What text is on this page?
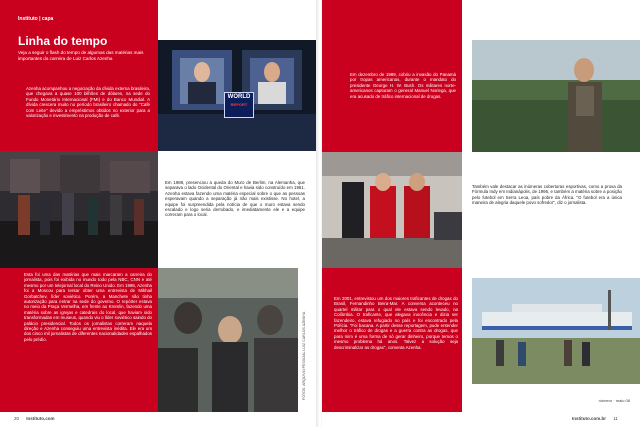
Instituto | capa
Linha do tempo
Veja a seguir o flash do tempo de algumas das matérias mais importantes da carreira de Luiz Carlos Azenha
Azenha acompanhou a negociação da dívida externa brasileira, que chegava a quase 100 bilhões de dólares, na sede do Fundo Monetário Internacional (FMI) e do Banco Mundial. A dívida crescera muito no período brasileiro chamado do "Café com Leite" devido a empréstimos obtidos no exterior para a valorização e investimento na produção de café.
WORLD
REPORT
Em 1989, presenciou a queda do Muro de Berlim, na Alemanha, que separava o lado Ocidental do Oriental e havia sido construído em 1961. Azenha estava fazendo uma matéria especial sobre o que as pessoas esperavam quando a separação já não mais existisse. No hotel, a equipe foi surpreendida pela notícia de que o muro estava sendo escalado e logo seria derrubado, e imediatamente ele e a equipe correram para o local.
Esta foi uma das matérias que mais marcaram a carreira do jornalista, pois foi exibida no mundo todo pela NBC, CNN e até mesmo por um telejornal local do Reino Unido. Em 1986, Azenha foi a Moscou para tentar obter uma entrevista de Mikhail Gorbatchev, líder soviético. Porém, a Manchete não tinha autorização para entrar na sede do governo. O repórter estava no meio da Praça Vermelha, em frente ao Kremlin, fazendo uma matéria sobre as igrejas e catedrais do local, que haviam sido transformadas em museus, quando viu o líder soviético saindo do palácio presidencial. Todos os jornalistas correram naquela direção e Azenha conseguiu uma entrevista inédita. Ele era um dos cinco mil jornalistas de diferentes nacionalidades espalhados pelo prédio.	FOTOS: ARQUIVO PESSOAL LUIZ CARLOS AZENHA
20 Instituto.com
Em dezembro de 1989, cobriu a invasão do Panamá por tropas americanas, durante o mandato do presidente George H. W. Bush. Os militares norte-americanos capturam o general Manuel Noriega, que era acusado de tráfico internacional de drogas.
Também vale destacar as inúmeras coberturas esportivas, como a prova da Fórmula Indy em Indianápolis, de 1995, e também a matéria sobre a posição pelo futebol em Serra Leoa, país pobre da África. "O futebol era a única maneira de alegria daquele povo sofredor", diz o jornalista.
Em 2001, entrevistou um dos maiores traficantes de drogas do Brasil, Fernandinho Beira-Mar. A conversa aconteceu no quartel militar para o qual ele estava sendo levado, na Colômbia. O traficante, que alegava inocência e dizia ser fazendeiro, estava refugiado no país e foi encontrado pela Polícia. "Foi bacana. A partir desse reportagem, pude entender melhor o tráfico de drogas e a guerra contra as drogas, que para mim é uma forma de só gerar dinheiro, porque temos o mesmo problema há anos. Talvez a solução seja descriminalizar as drogas", comenta Azenha.
Instituto.com.br 11
número · maio 08
